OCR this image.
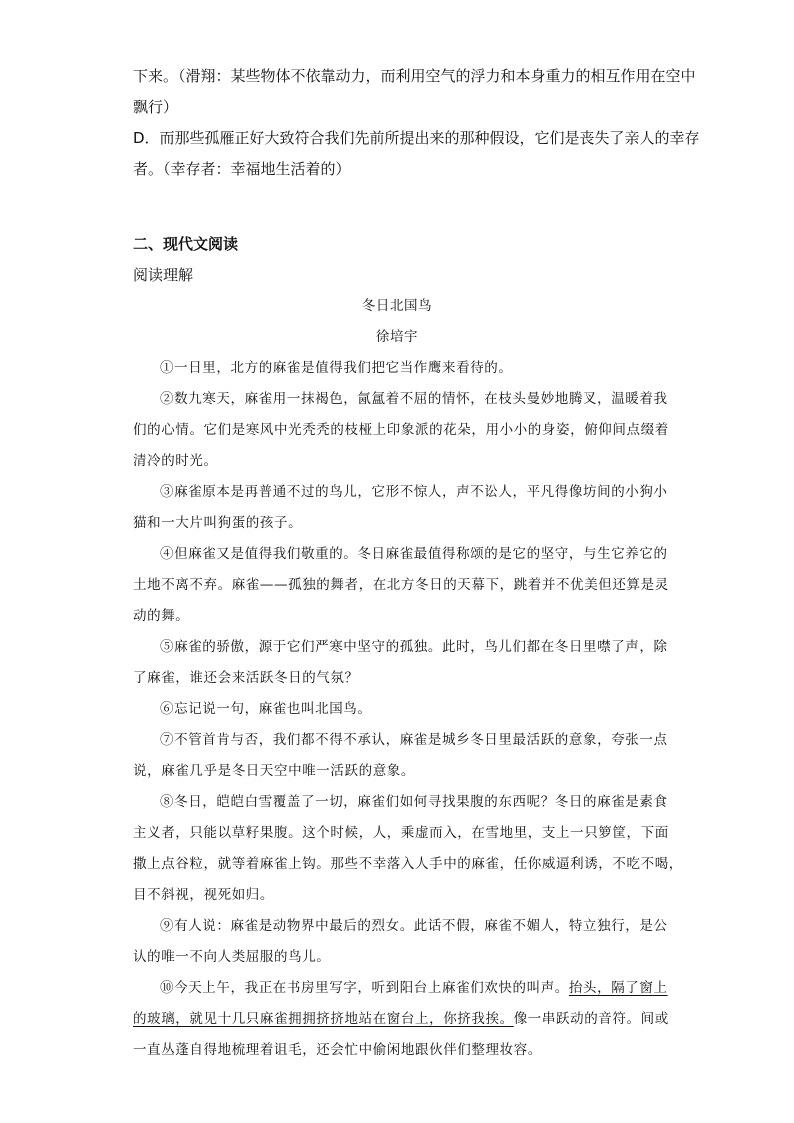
下来。（滑翔：某些物体不依靠动力，而利用空气的浮力和本身重力的相互作用在空中
飘行）
D．而那些孤雁正好大致符合我们先前所提出来的那种假设，它们是丧失了亲人的幸存
者。（幸存者：幸福地生活着的）
二、现代文阅读
阅读理解
冬日北国鸟
徐培宇
①一日里，北方的麻雀是值得我们把它当作鹰来看待的。
②数九寒天，麻雀用一抹褐色，氤氲着不屈的情怀，在枝头曼妙地腾叉，温暖着我
们的心情。它们是寒风中光秃秃的枝桠上印象派的花朵，用小小的身姿，俯仰间点缀着
清冷的时光。
③麻雀原本是再普通不过的鸟儿，它形不惊人，声不讼人，平凡得像坊间的小狗小
猫和一大片叫狗蛋的孩子。
④但麻雀又是值得我们敬重的。冬日麻雀最值得称颂的是它的坚守，与生它养它的
土地不离不弃。麻雀——孤独的舞者，在北方冬日的天幕下，跳着并不优美但还算是灵
动的舞。
⑤麻雀的骄傲，源于它们严寒中坚守的孤独。此时，鸟儿们都在冬日里噤了声，除
了麻雀，谁还会来活跃冬日的气氛？
⑥忘记说一句，麻雀也叫北国鸟。
⑦不管首肯与否，我们都不得不承认，麻雀是城乡冬日里最活跃的意象，夸张一点
说，麻雀几乎是冬日天空中唯一活跃的意象。
⑧冬日，皑皑白雪覆盖了一切，麻雀们如何寻找果腹的东西呢？冬日的麻雀是素食
主义者，只能以草籽果腹。这个时候，人，乘虚而入，在雪地里，支上一只箩筐，下面
撒上点谷粒，就等着麻雀上钩。那些不幸落入人手中的麻雀，任你威逼利诱，不吃不喝，
目不斜视，视死如归。
⑨有人说：麻雀是动物界中最后的烈女。此话不假，麻雀不媚人，特立独行，是公
认的唯一不向人类屈服的鸟儿。
⑩今天上午，我正在书房里写字，听到阳台上麻雀们欢快的叫声。抬头，隔了窗上
的玻璃，就见十几只麻雀拥拥挤挤地站在窗台上，你挤我挨。像一串跃动的音符。间或
一直丛蓬自得地梳理着诅毛，还会忙中偷闲地跟伙伴们整理妆容。
